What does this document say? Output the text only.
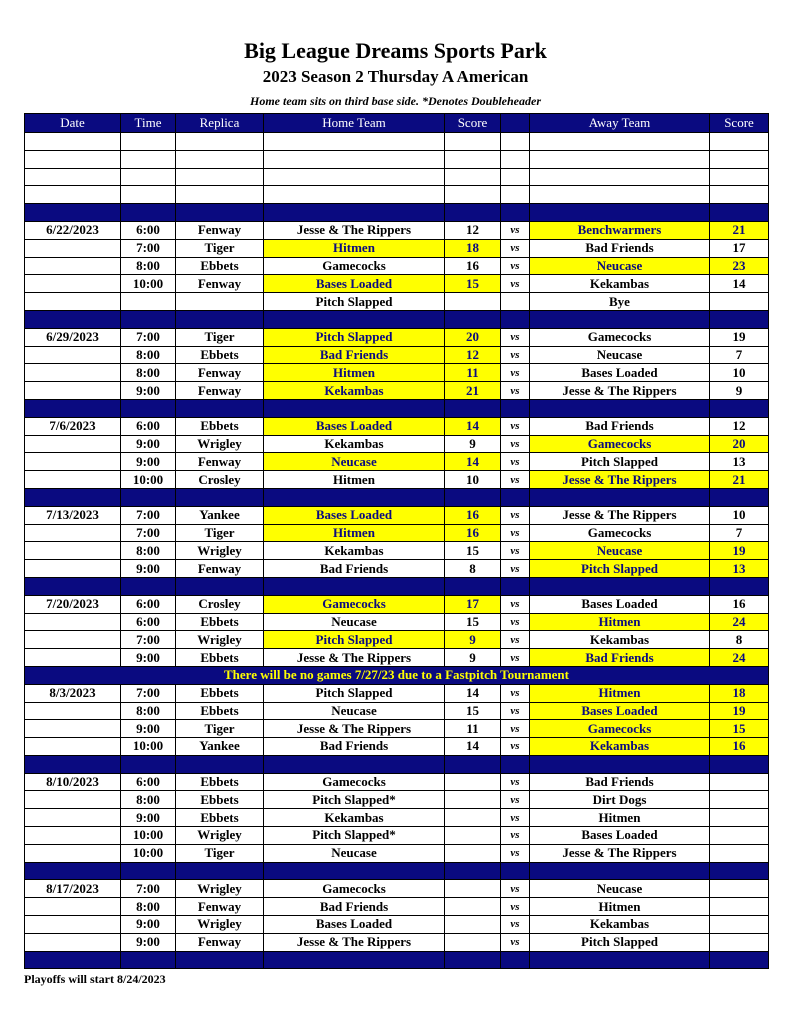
Big League Dreams Sports Park
2023 Season 2 Thursday A American
Home team sits on third base side. *Denotes Doubleheader
Date	Time	Replica	Home Team	Score		Away Team	Score

6/22/2023	6:00	Fenway	Jesse & The Rippers	12	vs	Benchwarmers	21
	7:00	Tiger	Hitmen	18	vs	Bad Friends	17
	8:00	Ebbets	Gamecocks	16	vs	Neucase	23
	10:00	Fenway	Bases Loaded	15	vs	Kekambas	14
			Pitch Slapped			Bye	

6/29/2023	7:00	Tiger	Pitch Slapped	20	vs	Gamecocks	19
	8:00	Ebbets	Bad Friends	12	vs	Neucase	7
	8:00	Fenway	Hitmen	11	vs	Bases Loaded	10
	9:00	Fenway	Kekambas	21	vs	Jesse & The Rippers	9

7/6/2023	6:00	Ebbets	Bases Loaded	14	vs	Bad Friends	12
	9:00	Wrigley	Kekambas	9	vs	Gamecocks	20
	9:00	Fenway	Neucase	14	vs	Pitch Slapped	13
	10:00	Crosley	Hitmen	10	vs	Jesse & The Rippers	21

7/13/2023	7:00	Yankee	Bases Loaded	16	vs	Jesse & The Rippers	10
	7:00	Tiger	Hitmen	16	vs	Gamecocks	7
	8:00	Wrigley	Kekambas	15	vs	Neucase	19
	9:00	Fenway	Bad Friends	8	vs	Pitch Slapped	13

7/20/2023	6:00	Crosley	Gamecocks	17	vs	Bases Loaded	16
	6:00	Ebbets	Neucase	15	vs	Hitmen	24
	7:00	Wrigley	Pitch Slapped	9	vs	Kekambas	8
	9:00	Ebbets	Jesse & The Rippers	9	vs	Bad Friends	24
There will be no games 7/27/23 due to a Fastpitch Tournament							
8/3/2023	7:00	Ebbets	Pitch Slapped	14	vs	Hitmen	18
	8:00	Ebbets	Neucase	15	vs	Bases Loaded	19
	9:00	Tiger	Jesse & The Rippers	11	vs	Gamecocks	15
	10:00	Yankee	Bad Friends	14	vs	Kekambas	16

8/10/2023	6:00	Ebbets	Gamecocks		vs	Bad Friends	
	8:00	Ebbets	Pitch Slapped*		vs	Dirt Dogs	
	9:00	Ebbets	Kekambas		vs	Hitmen	
	10:00	Wrigley	Pitch Slapped*		vs	Bases Loaded	
	10:00	Tiger	Neucase		vs	Jesse & The Rippers	

8/17/2023	7:00	Wrigley	Gamecocks		vs	Neucase	
	8:00	Fenway	Bad Friends		vs	Hitmen	
	9:00	Wrigley	Bases Loaded		vs	Kekambas	
	9:00	Fenway	Jesse & The Rippers		vs	Pitch Slapped	

Playoffs will start 8/24/2023
